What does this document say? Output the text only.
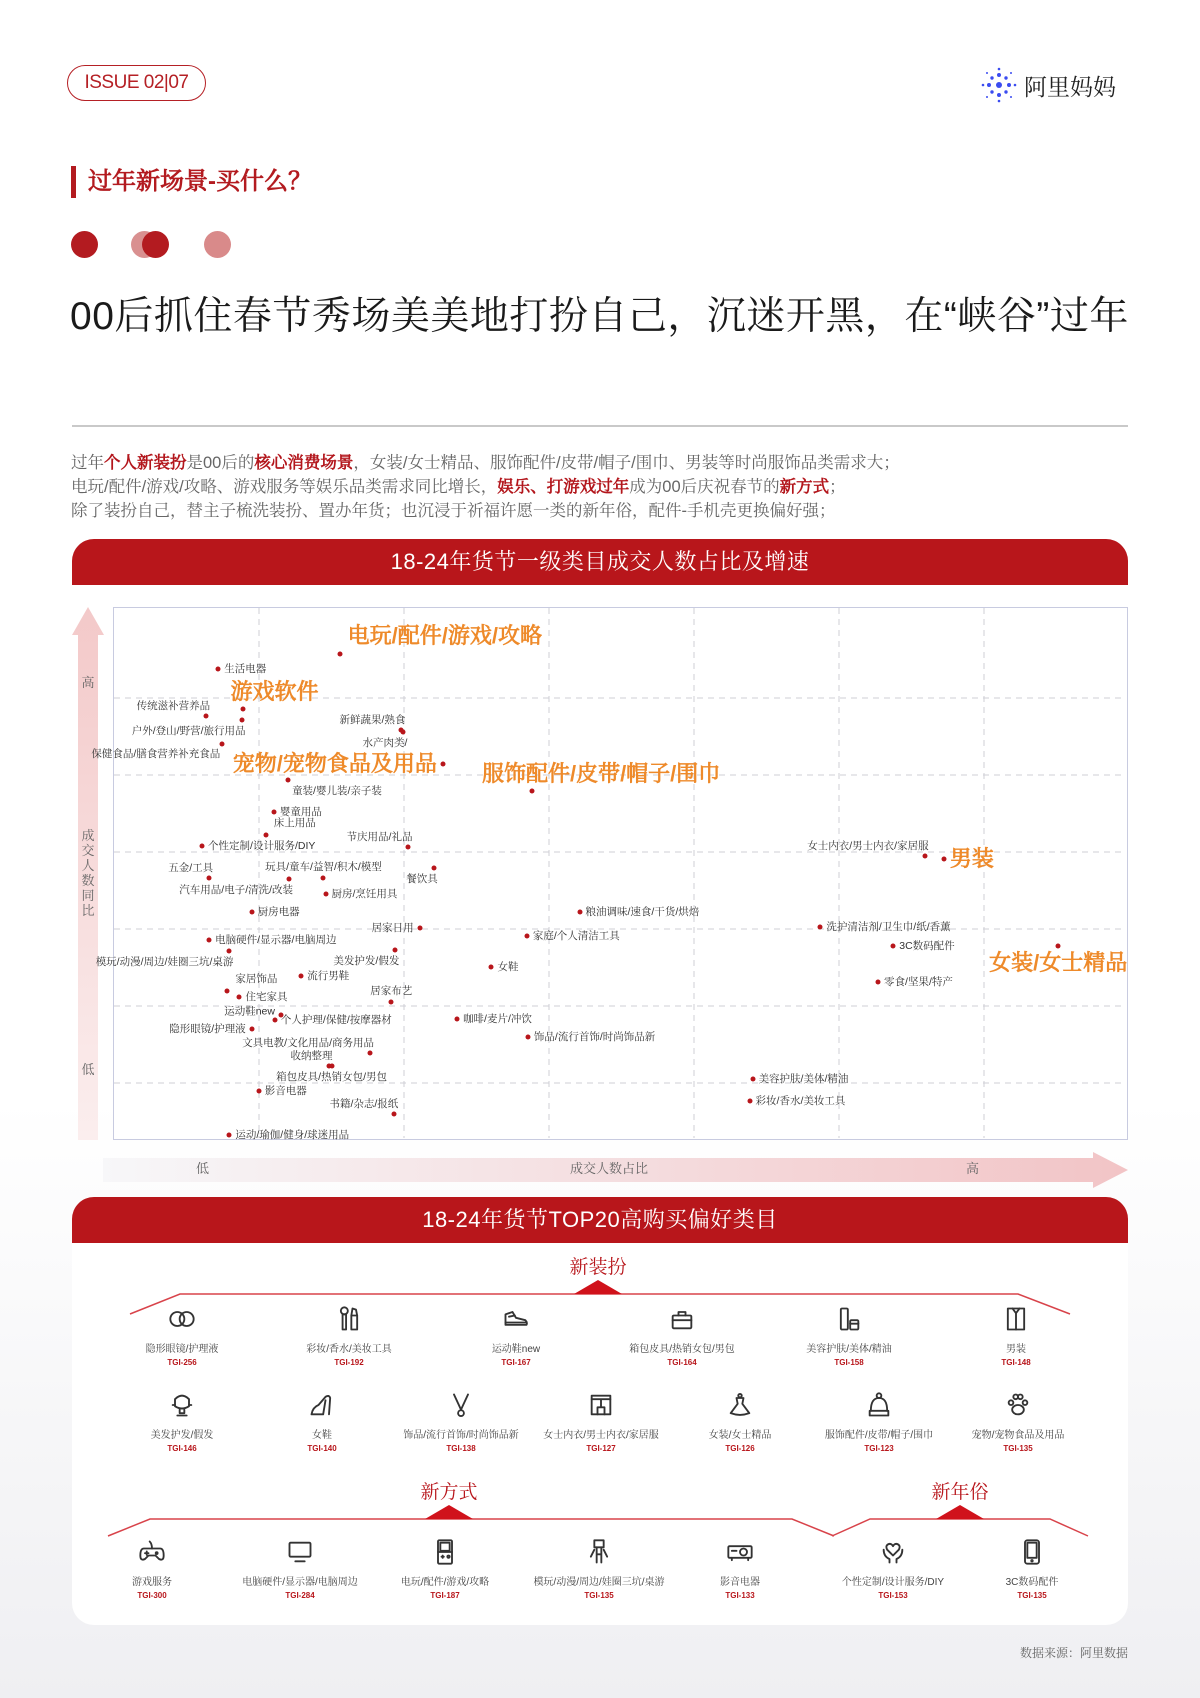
ISSUE 02|07	阿里妈妈
过年新场景-买什么？
00后抓住春节秀场美美地打扮自己，沉迷开黑，在“峡谷”过年
过年个人新装扮是00后的核心消费场景，女装/女士精品、服饰配件/皮带/帽子/围巾、男装等时尚服饰品类需求大；
电玩/配件/游戏/攻略、游戏服务等娱乐品类需求同比增长，娱乐、打游戏过年成为00后庆祝春节的新方式；
除了装扮自己，替主子梳洗装扮、置办年货；也沉浸于祈福许愿一类的新年俗，配件-手机壳更换偏好强；
18-24年货节一级类目成交人数占比及增速
高
成交人数同比
低
电玩/配件/游戏/攻略
生活电器
游戏软件
传统滋补营养品
户外/登山/野营/旅行用品
保健食品/膳食营养补充食品
新鲜蔬果/熟食
水产肉类/
宠物/宠物食品及用品 服饰配件/皮带/帽子/围巾
童装/婴儿装/亲子装
婴童用品
床上用品
个性定制/设计服务/DIY
节庆用品/礼品
玩具/童车/益智/积木/模型
餐饮具
五金/工具
汽车用品/电子/清洗/改装	厨房/烹饪用具
厨房电器
居家日用
电脑硬件/显示器/电脑周边
模玩/动漫/周边/娃圈三坑/桌游	美发护发/假发
流行男鞋
家居饰品
居家布艺
住宅家具
运动鞋new
个人护理/保健/按摩器材
隐形眼镜/护理液
文具电教/文化用品/商务用品
收纳整理
箱包皮具/热销女包/男包
影音电器
书籍/杂志/报纸
运动/瑜伽/健身/球迷用品
女士内衣/男士内衣/家居服
男装
粮油调味/速食/干货/烘焙
洗护清洁剂/卫生巾/纸/香薰
家庭/个人清洁工具
3C数码配件
女装/女士精品
女鞋
零食/坚果/特产
咖啡/麦片/冲饮
饰品/流行首饰/时尚饰品新
美容护肤/美体/精油
彩妆/香水/美妆工具
低	成交人数占比	高
18-24年货节TOP20高购买偏好类目
新装扮
新方式	新年俗
隐形眼镜/护理液
TGI-256
彩妆/香水/美妆工具
TGI-192
运动鞋new
TGI-167
箱包皮具/热销女包/男包
TGI-164
美容护肤/美体/精油
TGI-158
男装
TGI-148
美发护发/假发
TGI-146
女鞋
TGI-140
饰品/流行首饰/时尚饰品新
TGI-138
女士内衣/男士内衣/家居服
TGI-127
女装/女士精品
TGI-126
服饰配件/皮带/帽子/围巾
TGI-123
宠物/宠物食品及用品
TGI-135
游戏服务
TGI-300
电脑硬件/显示器/电脑周边
TGI-284
电玩/配件/游戏/攻略
TGI-187
模玩/动漫/周边/娃圈三坑/桌游
TGI-135
影音电器
TGI-133
个性定制/设计服务/DIY
TGI-153
3C数码配件
TGI-135
数据来源：阿里数据
